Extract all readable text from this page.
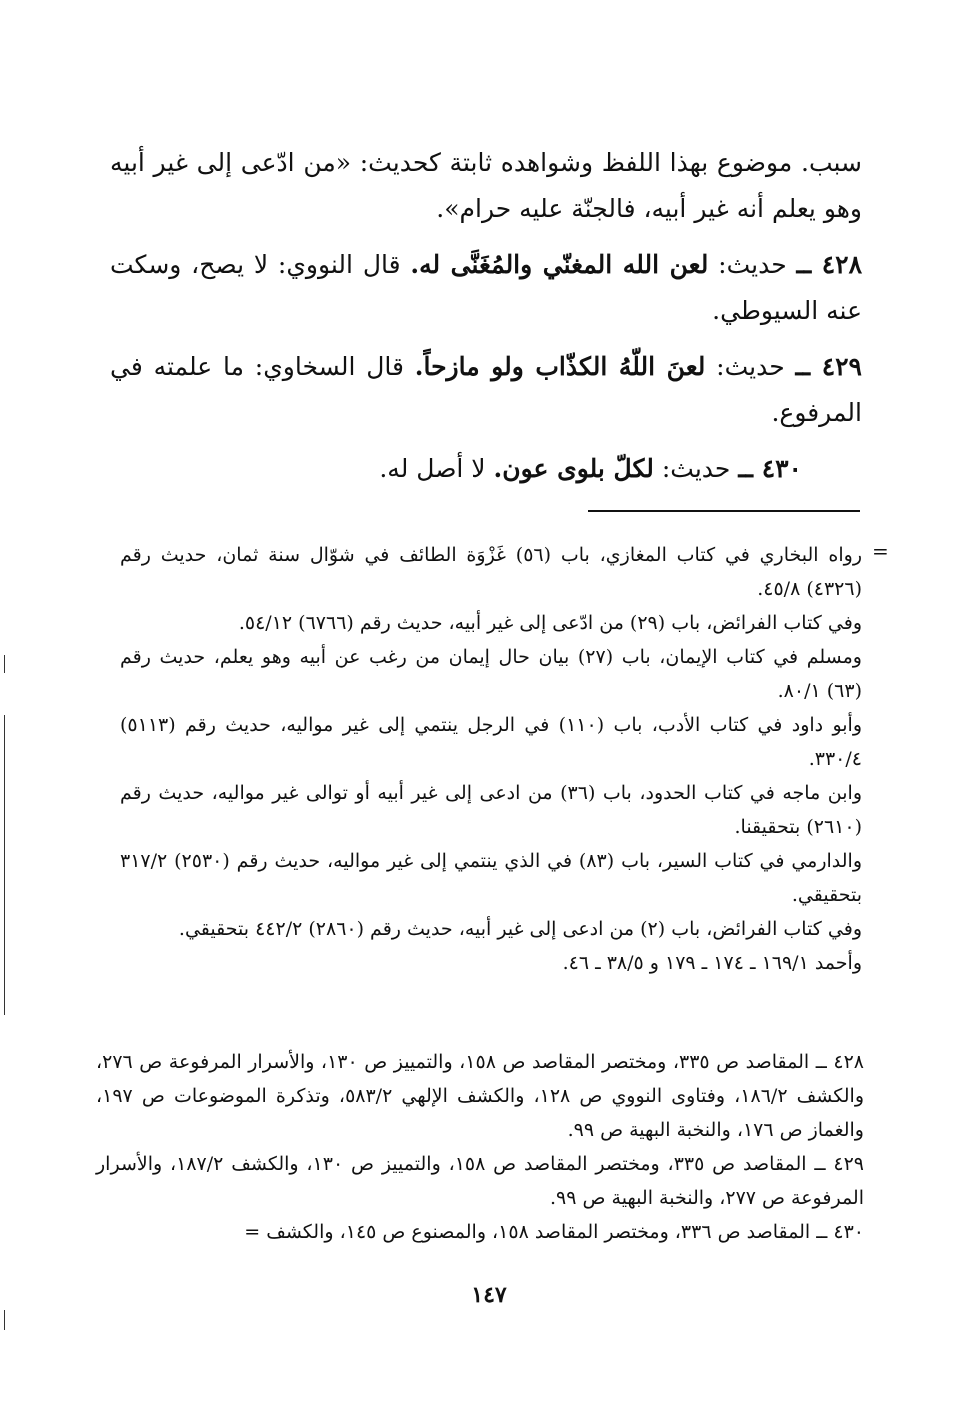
سبب. موضوع بهذا اللفظ وشواهده ثابتة كحديث: «من ادّعى إلى غير أبيه وهو يعلم أنه غير أبيه، فالجنّة عليه حرام».

٤٢٨ ــ حديث: لعن الله المغنّي والمُغَنَّى له. قال النووي: لا يصح، وسكت عنه السيوطي.

٤٢٩ ــ حديث: لعنَ اللّهُ الكذّاب ولو مازحاً. قال السخاوي: ما علمته في المرفوع.

٤٣٠ ــ حديث: لكلّ بلوى عون. لا أصل له.

=

رواه البخاري في كتاب المغازي، باب (٥٦) غَزْوَة الطائف في شوّال سنة ثمان، حديث رقم (٤٣٢٦) ٤٥/٨.

وفي كتاب الفرائض، باب (٢٩) من ادّعى إلى غير أبيه، حديث رقم (٦٧٦٦) ٥٤/١٢.

ومسلم في كتاب الإيمان، باب (٢٧) بيان حال إيمان من رغب عن أبيه وهو يعلم، حديث رقم (٦٣) ٨٠/١.

وأبو داود في كتاب الأدب، باب (١١٠) في الرجل ينتمي إلى غير مواليه، حديث رقم (٥١١٣) ٣٣٠/٤.

وابن ماجه في كتاب الحدود، باب (٣٦) من ادعى إلى غير أبيه أو توالى غير مواليه، حديث رقم (٢٦١٠) بتحقيقنا.

والدارمي في كتاب السير، باب (٨٣) في الذي ينتمي إلى غير مواليه، حديث رقم (٢٥٣٠) ٣١٧/٢ بتحقيقي.

وفي كتاب الفرائض، باب (٢) من ادعى إلى غير أبيه، حديث رقم (٢٨٦٠) ٤٤٢/٢ بتحقيقي.

وأحمد ١٦٩/١ ـ ١٧٤ ـ ١٧٩ و ٣٨/٥ ـ ٤٦.

٤٢٨ ــ المقاصد ص ٣٣٥، ومختصر المقاصد ص ١٥٨، والتمييز ص ١٣٠، والأسرار المرفوعة ص ٢٧٦، والكشف ١٨٦/٢، وفتاوى النووي ص ١٢٨، والكشف الإلهي ٥٨٣/٢، وتذكرة الموضوعات ص ١٩٧، والغماز ص ١٧٦، والنخبة البهية ص ٩٩.

٤٢٩ ــ المقاصد ص ٣٣٥، ومختصر المقاصد ص ١٥٨، والتمييز ص ١٣٠، والكشف ١٨٧/٢، والأسرار المرفوعة ص ٢٧٧، والنخبة البهية ص ٩٩.

٤٣٠ ــ المقاصد ص ٣٣٦، ومختصر المقاصد ١٥٨، والمصنوع ص ١٤٥، والكشف =

١٤٧
